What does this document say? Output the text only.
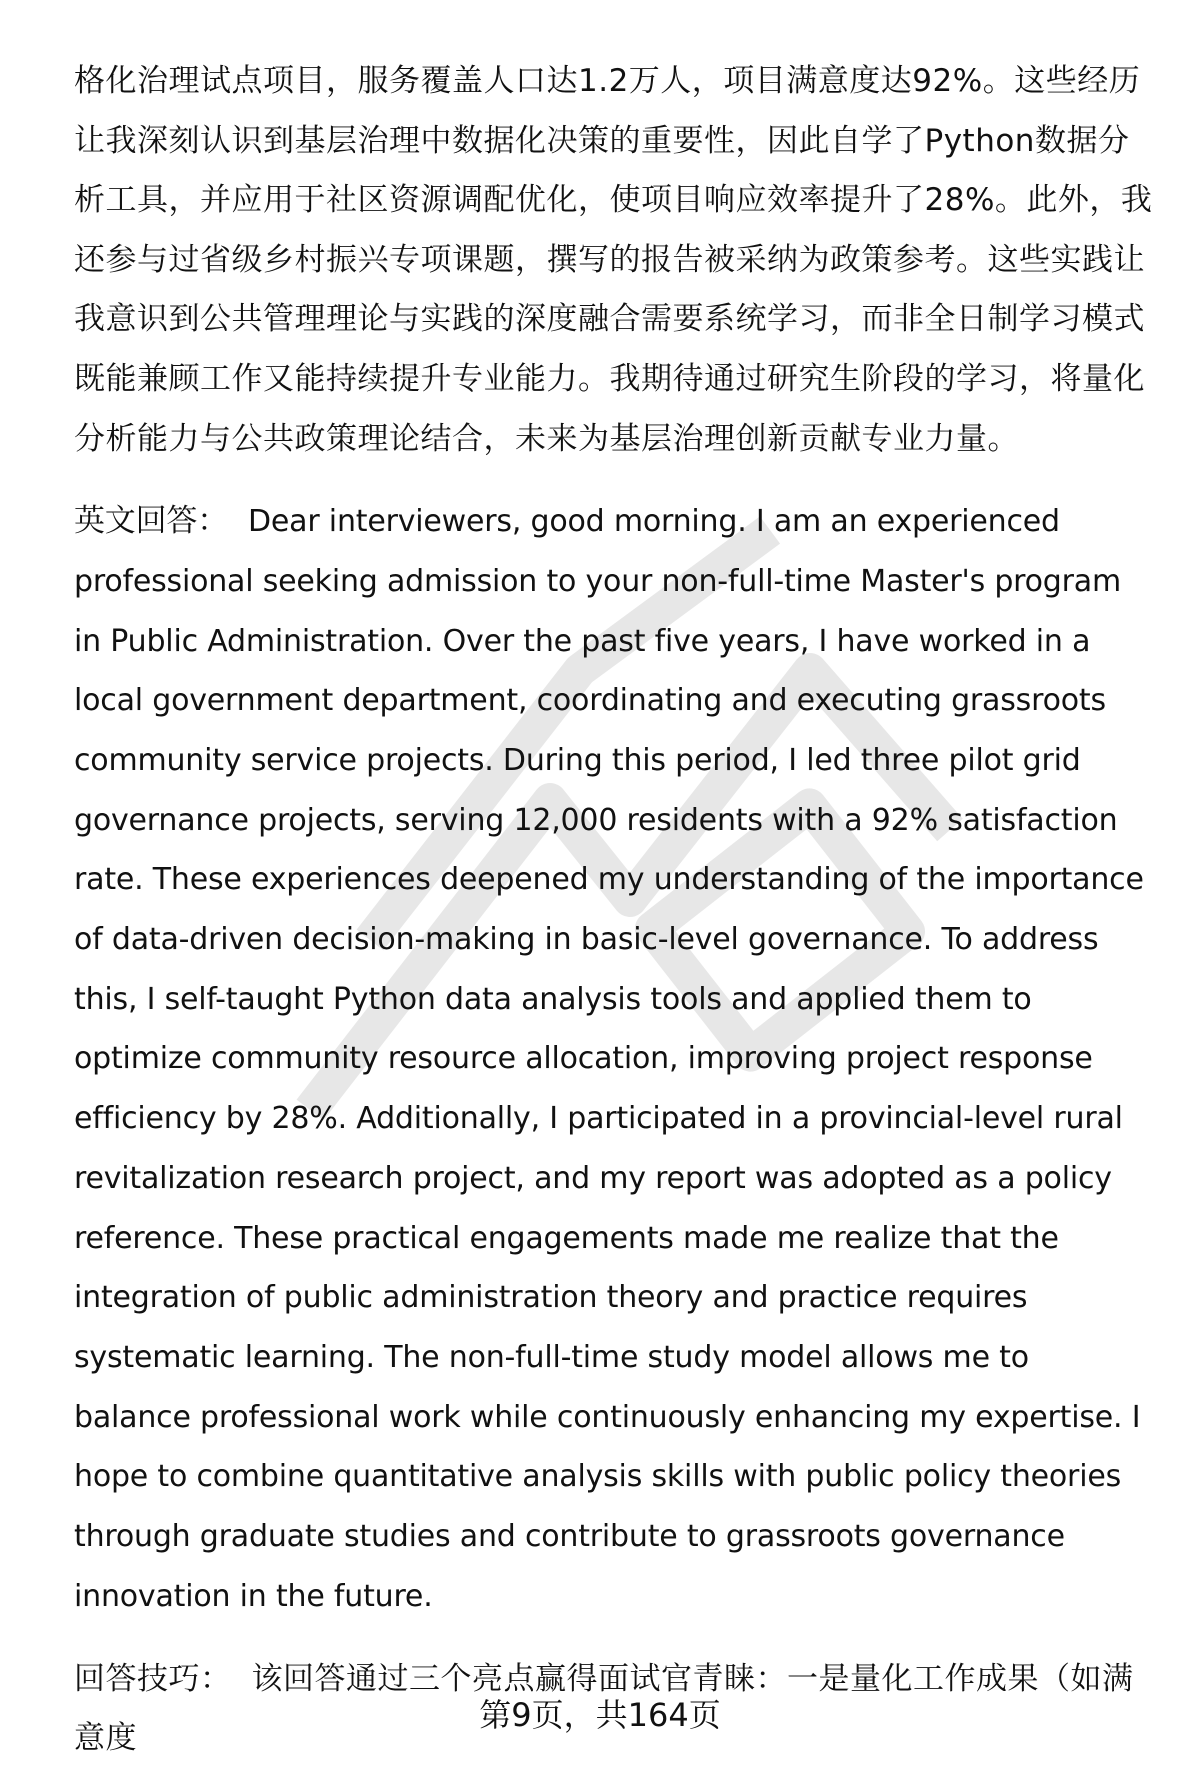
格化治理试点项目，服务覆盖人口达1.2万人，项目满意度达92%。这些经历让我深刻认识到基层治理中数据化决策的重要性，因此自学了Python数据分析工具，并应用于社区资源调配优化，使项目响应效率提升了28%。此外，我还参与过省级乡村振兴专项课题，撰写的报告被采纳为政策参考。这些实践让我意识到公共管理理论与实践的深度融合需要系统学习，而非全日制学习模式既能兼顾工作又能持续提升专业能力。我期待通过研究生阶段的学习，将量化分析能力与公共政策理论结合，未来为基层治理创新贡献专业力量。

英文回答： Dear interviewers, good morning. I am an experienced professional seeking admission to your non-full-time Master's program in Public Administration. Over the past five years, I have worked in a local government department, coordinating and executing grassroots community service projects. During this period, I led three pilot grid governance projects, serving 12,000 residents with a 92% satisfaction rate. These experiences deepened my understanding of the importance of data-driven decision-making in basic-level governance. To address this, I self-taught Python data analysis tools and applied them to optimize community resource allocation, improving project response efficiency by 28%. Additionally, I participated in a provincial-level rural revitalization research project, and my report was adopted as a policy reference. These practical engagements made me realize that the integration of public administration theory and practice requires systematic learning. The non-full-time study model allows me to balance professional work while continuously enhancing my expertise. I hope to combine quantitative analysis skills with public policy theories through graduate studies and contribute to grassroots governance innovation in the future.

回答技巧： 该回答通过三个亮点赢得面试官青睐：一是量化工作成果（如满意度

第9页，共164页
